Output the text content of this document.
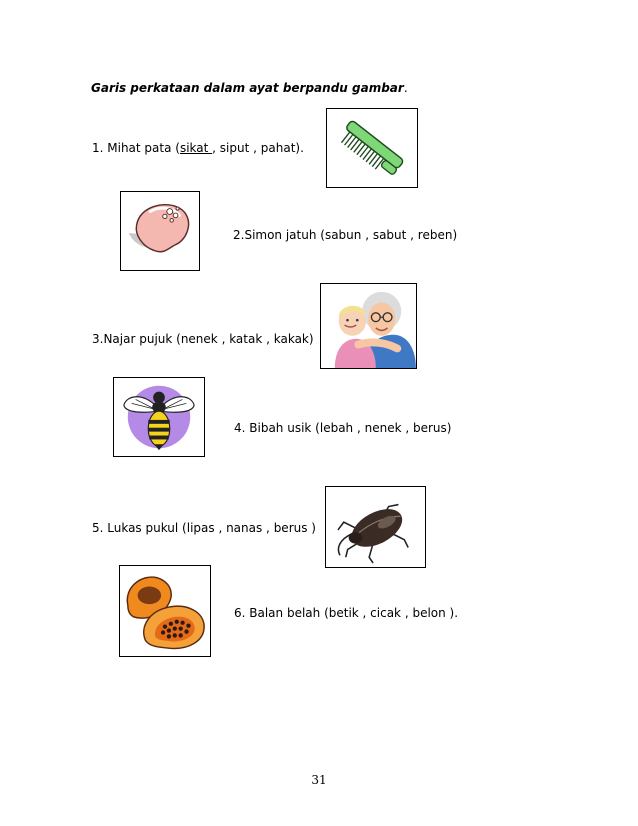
Garis perkataan dalam ayat berpandu gambar.
1. Mihat pata (sikat , siput , pahat).
2.Simon jatuh (sabun , sabut , reben)
3.Najar pujuk (nenek , katak , kakak)
4. Bibah usik (lebah , nenek , berus)
5. Lukas pukul (lipas , nanas , berus )
6. Balan belah (betik , cicak , belon ).
31
